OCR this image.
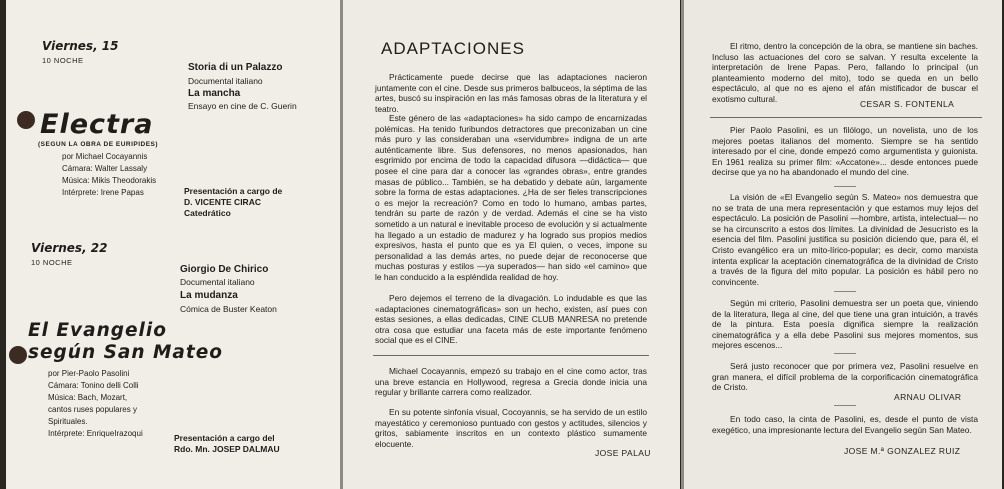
Viernes, 15
10 NOCHE
Storia di un Palazzo
Documental italiano
La mancha
Ensayo en cine de C. Guerin
Electra
(SEGUN LA OBRA DE EURIPIDES)
por Michael Cocayannis
Cámara: Walter Lassaly
Música: Mikis Theodorakis
Intérprete: Irene Papas	Presentación a cargo de
D. VICENTE CIRAC
Catedrático
Viernes, 22
10 NOCHE
Giorgio De Chirico
Documental italiano
La mudanza
Cómica de Buster Keaton
El Evangelio
según San Mateo
por Pier-Paolo Pasolini
Cámara: Tonino delli Colli
Música: Bach, Mozart,
cantos ruses populares y
Spirituales.
Intérprete: EnriqueIrazoqui	Presentación a cargo del
Rdo. Mn. JOSEP DALMAU
ADAPTACIONES

Prácticamente puede decirse que las adaptaciones nacieron juntamente con el cine. Desde sus primeros balbuceos, la séptima de las artes, buscó su inspiración en las más famosas obras de la literatura y el teatro.

Este género de las «adaptaciones» ha sido campo de encarnizadas polémicas. Ha tenido furibundos detractores que preconizaban un cine más puro y las consideraban una «servidumbre» indigna de un arte auténticamente libre. Sus defensores, no menos apasionados, han esgrimido por encima de todo la capacidad difusora —didáctica— que posee el cine para dar a conocer las «grandes obras», entre grandes masas de público... También, se ha debatido y debate aún, largamente sobre la forma de estas adaptaciones. ¿Ha de ser fieles transcripciones o es mejor la recreación? Como en todo lo humano, ambas partes, tendrán su parte de razón y de verdad. Además el cine se ha visto sometido a un natural e inevitable proceso de evolución y si actualmente ha llegado a un estadio de madurez y ha logrado sus propios medios expresivos, hasta el punto que es ya El quien, o veces, impone su personalidad a las demás artes, no puede dejar de reconocerse que muchas posturas y estilos —ya superados— han sido «el camino» que le han conducido a la espléndida realidad de hoy.

Pero dejemos el terreno de la divagación. Lo indudable es que las «adaptaciones cinematográficas» son un hecho, existen, así pues con estas sesiones, a ellas dedicadas, CINE CLUB MANRESA no pretende otra cosa que estudiar una faceta más de este importante fenómeno social que es el CINE.

Michael Cocayannis, empezó su trabajo en el cine como actor, tras una breve estancia en Hollywood, regresa a Grecia donde inicia una regular y brillante carrera como realizador.

En su potente sinfonía visual, Cocoyannis, se ha servido de un estilo mayestático y ceremonioso puntuado con gestos y actitudes, silencios y gritos, sabiamente inscritos en un contexto plástico sumamente elocuente.

JOSE PALAU

El ritmo, dentro la concepción de la obra, se mantiene sin baches. Incluso las actuaciones del coro se salvan. Y resulta excelente la interpretación de Irene Papas. Pero, fallando lo principal (un planteamiento moderno del mito), todo se queda en un bello espectáculo, al que no es ajeno el afán mistificador de buscar el exotismo cultural.

CESAR S. FONTENLA

Pier Paolo Pasolini, es un filólogo, un novelista, uno de los mejores poetas italianos del momento. Siempre se ha sentido interesado por el cine, donde empezó como argumentista y guionista. En 1961 realiza su primer film: «Accatone»... desde entonces puede decirse que ya no ha abandonado el mundo del cine.

La visión de «El Evangelio según S. Mateo» nos demuestra que no se trata de una mera representación y que estamos muy lejos del espectáculo. La posición de Pasolini —hombre, artista, intelectual— no se ha circunscrito a estos dos límites. La divinidad de Jesucristo es la esencia del film. Pasolini justifica su posición diciendo que, para él, el Cristo evangélico era un mito-lírico-popular; es decir, como marxista intenta explicar la aceptación cinematográfica de la divinidad de Cristo a través de la figura del mito popular. La posición es hábil pero no convincente.

Según mi criterio, Pasolini demuestra ser un poeta que, viniendo de la literatura, llega al cine, del que tiene una gran intuición, a través de la pintura. Esta poesía dignifica siempre la realización cinematográfica y a ella debe Pasolini sus mejores momentos, sus mejores escenos...

Será justo reconocer que por primera vez, Pasolini resuelve en gran manera, el difícil problema de la corporificación cinematográfica de Cristo.

ARNAU OLIVAR

En todo caso, la cinta de Pasolini, es, desde el punto de vista exegético, una impresionante lectura del Evangelio según San Mateo.

JOSE M.ª GONZALEZ RUIZ
